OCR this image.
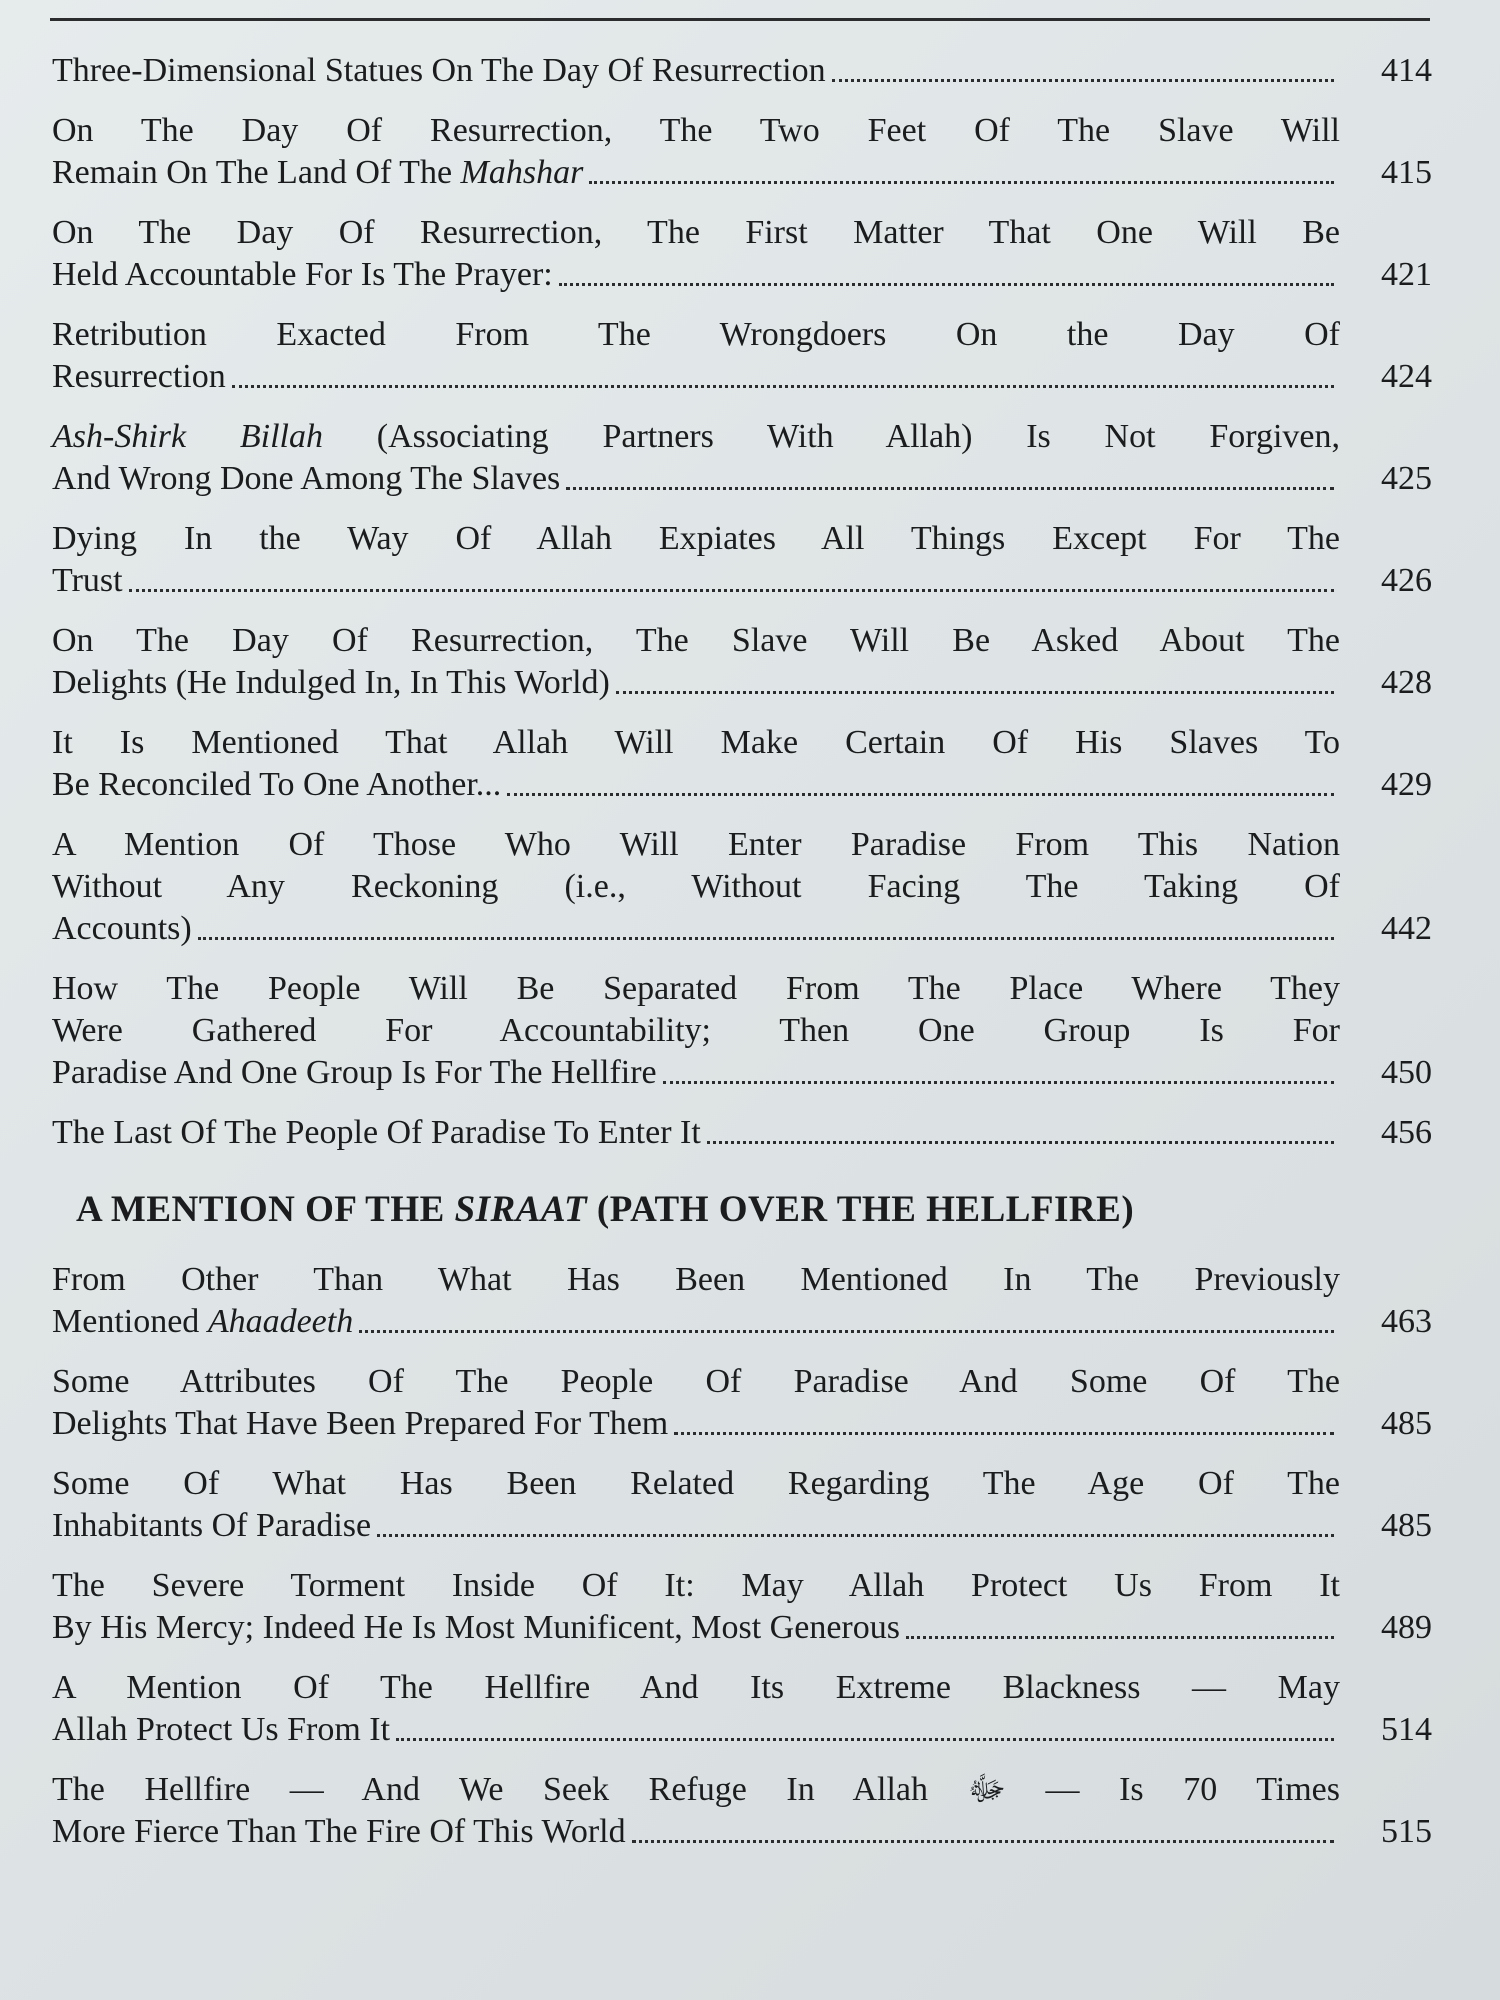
Three-Dimensional Statues On The Day Of Resurrection	414
On The Day Of Resurrection, The Two Feet Of The Slave Will
Remain On The Land Of The Mahshar	415
On The Day Of Resurrection, The First Matter That One Will Be
Held Accountable For Is The Prayer:	421
Retribution Exacted From The Wrongdoers On the Day Of
Resurrection	424
Ash-Shirk Billah (Associating Partners With Allah) Is Not Forgiven,
And Wrong Done Among The Slaves	425
Dying In the Way Of Allah Expiates All Things Except For The
Trust	426
On The Day Of Resurrection, The Slave Will Be Asked About The
Delights (He Indulged In, In This World)	428
It Is Mentioned That Allah Will Make Certain Of His Slaves To
Be Reconciled To One Another...	429
A Mention Of Those Who Will Enter Paradise From This Nation
Without Any Reckoning (i.e., Without Facing The Taking Of
Accounts)	442
How The People Will Be Separated From The Place Where They
Were Gathered For Accountability; Then One Group Is For
Paradise And One Group Is For The Hellfire	450
The Last Of The People Of Paradise To Enter It	456
A MENTION OF THE SIRAAT (PATH OVER THE HELLFIRE)
From Other Than What Has Been Mentioned In The Previously
Mentioned Ahaadeeth	463
Some Attributes Of The People Of Paradise And Some Of The
Delights That Have Been Prepared For Them	485
Some Of What Has Been Related Regarding The Age Of The
Inhabitants Of Paradise	485
The Severe Torment Inside Of It: May Allah Protect Us From It
By His Mercy; Indeed He Is Most Munificent, Most Generous	489
A Mention Of The Hellfire And Its Extreme Blackness — May
Allah Protect Us From It	514
The Hellfire — And We Seek Refuge In Allah ﷻ — Is 70 Times
More Fierce Than The Fire Of This World	515
